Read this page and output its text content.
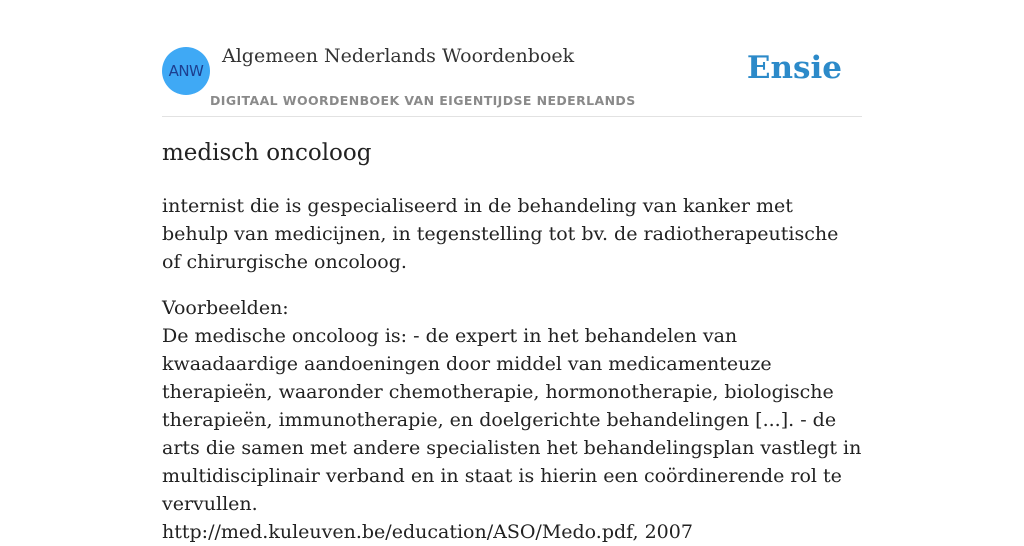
ANW
Algemeen Nederlands Woordenboek
DIGITAAL WOORDENBOEK VAN EIGENTIJDSE NEDERLANDS
Ensie
medisch oncoloog

internist die is gespecialiseerd in de behandeling van kanker met behulp van medicijnen, in tegenstelling tot bv. de radiotherapeutische of chirurgische oncoloog.

Voorbeelden:
De medische oncoloog is: - de expert in het behandelen van kwaadaardige aandoeningen door middel van medicamenteuze therapieën, waaronder chemotherapie, hormonotherapie, biologische therapieën, immunotherapie, en doelgerichte behandelingen [...]. - de arts die samen met andere specialisten het behandelingsplan vastlegt in multidisciplinair verband en in staat is hierin een coördinerende rol te vervullen.
http://med.kuleuven.be/education/ASO/Medo.pdf, 2007
